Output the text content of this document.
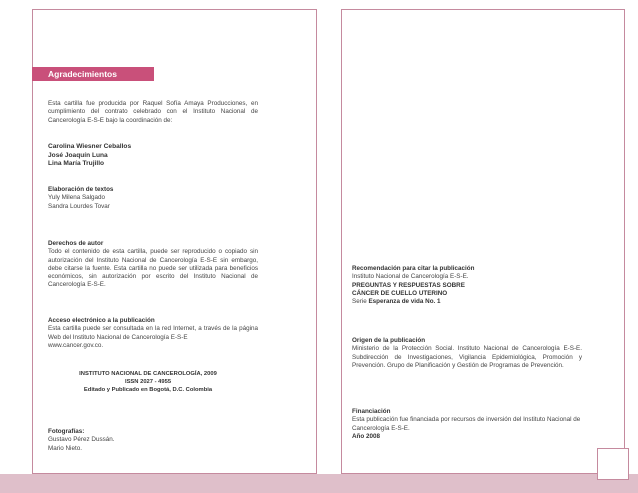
Agradecimientos
Esta cartilla fue producida por Raquel Sofía Amaya Producciones, en cumplimiento del contrato celebrado con el Instituto Nacional de Cancerología E-S-E bajo la coordinación de:
Carolina Wiesner Ceballos
José Joaquín Luna
Lina María Trujillo
Elaboración de textos
Yuly Milena Salgado
Sandra Lourdes Tovar
Derechos de autor
Todo el contenido de esta cartilla, puede ser reproducido o copiado sin autorización del Instituto Nacional de Cancerología E-S-E sin embargo, debe citarse la fuente. Esta cartilla no puede ser utilizada para beneficios económicos, sin autorización por escrito del Instituto Nacional de Cancerología E-S-E.
Acceso electrónico a la publicación
Esta cartilla puede ser consultada en la red Internet, a través de la página Web del Instituto Nacional de Cancerología E-S-E
www.cancer.gov.co.
INSTITUTO NACIONAL DE CANCEROLOGÍA, 2009
ISSN 2027 - 4955
Editado y Publicado en Bogotá, D.C. Colombia
Fotografías:
Gustavo Pérez Dussán.
Mario Nieto.
Recomendación para citar la publicación
Instituto Nacional de Cancerología E-S-E.
PREGUNTAS Y RESPUESTAS SOBRE
CÁNCER DE CUELLO UTERINO
Serie Esperanza de vida No. 1
Origen de la publicación
Ministerio de la Protección Social. Instituto Nacional de Cancerología E-S-E. Subdirección de Investigaciones, Vigilancia Epidemiológica, Promoción y Prevención. Grupo de Planificación y Gestión de Programas de Prevención.
Financiación
Esta publicación fue financiada por recursos de inversión del Instituto Nacional de Cancerología E-S-E.
Año 2008
